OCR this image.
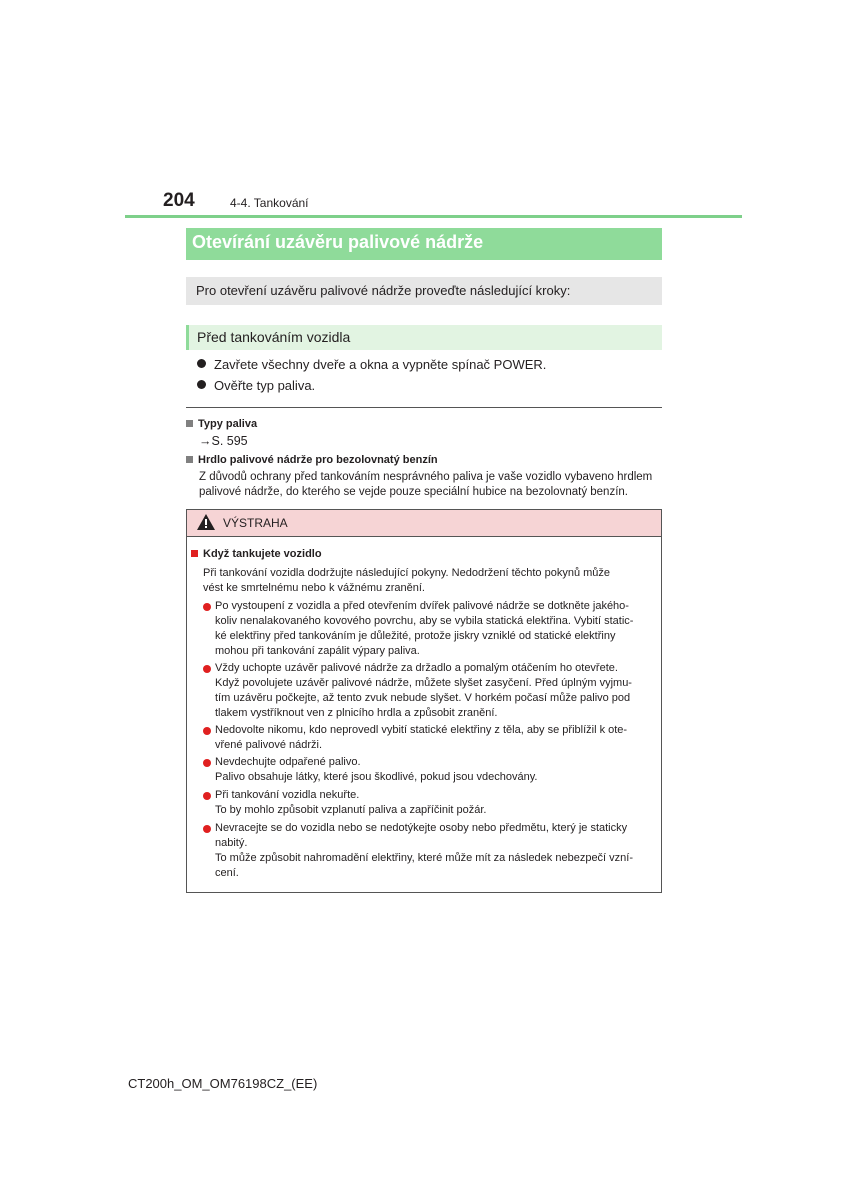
204	4-4. Tankování
Otevírání uzávěru palivové nádrže
Pro otevření uzávěru palivové nádrže proveďte následující kroky:
Před tankováním vozidla
Zavřete všechny dveře a okna a vypněte spínač POWER.
Ověřte typ paliva.
Typy paliva
→S. 595
Hrdlo palivové nádrže pro bezolovnatý benzín
Z důvodů ochrany před tankováním nesprávného paliva je vaše vozidlo vybaveno hrdlem
palivové nádrže, do kterého se vejde pouze speciální hubice na bezolovnatý benzín.
VÝSTRAHA
Když tankujete vozidlo
Při tankování vozidla dodržujte následující pokyny. Nedodržení těchto pokynů může
vést ke smrtelnému nebo k vážnému zranění.
Po vystoupení z vozidla a před otevřením dvířek palivové nádrže se dotkněte jakého-
koliv nenalakovaného kovového povrchu, aby se vybila statická elektřina. Vybití static-
ké elektřiny před tankováním je důležité, protože jiskry vzniklé od statické elektřiny
mohou při tankování zapálit výpary paliva.
Vždy uchopte uzávěr palivové nádrže za držadlo a pomalým otáčením ho otevřete.
Když povolujete uzávěr palivové nádrže, můžete slyšet zasyčení. Před úplným vyjmu-
tím uzávěru počkejte, až tento zvuk nebude slyšet. V horkém počasí může palivo pod
tlakem vystříknout ven z plnicího hrdla a způsobit zranění.
Nedovolte nikomu, kdo neprovedl vybití statické elektřiny z těla, aby se přiblížil k ote-
vřené palivové nádrži.
Nevdechujte odpařené palivo.
Palivo obsahuje látky, které jsou škodlivé, pokud jsou vdechovány.
Při tankování vozidla nekuřte.
To by mohlo způsobit vzplanutí paliva a zapříčinit požár.
Nevracejte se do vozidla nebo se nedotýkejte osoby nebo předmětu, který je staticky
nabitý.
To může způsobit nahromadění elektřiny, které může mít za následek nebezpečí vzní-
cení.
CT200h_OM_OM76198CZ_(EE)
